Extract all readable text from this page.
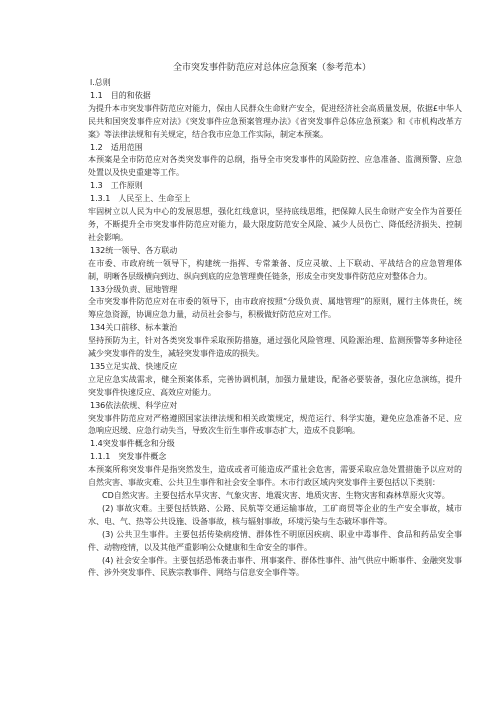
全市突发事件防范应对总体应急预案（参考范本）

l.总则

1.1　目的和依据

为提升本市突发事件防范应对能力，保由人民群众生命财产安全，促进经济社会高质量发展，依据£中华人民共和国突发事件应对法》《突发事件应急预案管理办法》《省突发事件总体应急预案》和《市机构改革方案》等法律法规和有关规定，结合我市应急工作实际，制定本预案。

1.2　适用范围

本预案是全市防范应对各类突发事件的总纲，指导全市突发事件的风险防控、应急准备、监测预警、应急处置以及快史重建等工作。

1.3　工作原则

1.3.1　人民至上、生命至上

牢固树立以人民为中心的发展思想，强化红线意识，坚持底线思维，把保障人民生命财产安全作为首要任务，不断提升全市突发事件防范应对能力，最大限度防范安全风险、减少人员伤亡、降低经济损失、控制社会影响。

132统一领导、各方联动

在市委、市政府统一领导下，构建统一指挥、专常兼备、反应灵敏、上下联动、平战结合的应急管理体制，明晰各层级横向到边、纵向到底的应急管理费任链条，形成全市突发事件防范应对整体合力。

133分级负责、屈地管理

全市突发事件防范应对在市委的领导下，由市政府按照“分级负责、属地管理”的原则，履行主体贵任，统筹应急资源，协调应急力量，动员社会参与，积极做好防范应对工作。

134关口前移、标本兼治

坚持预防为主，针对各类突发事件采取预防措施，通过强化风险管理、风险源治理、监测预警等多种途径减少突发事件的发生，减轻突发事件造成的损失。

135立足实战、快速反应

立足应急实战需求，健全预案体系，完善协调机制，加强力量建设，配备必要装备，强化应急演练，提升突发事件快速反应、高效应对能力。

136依法依规、科学应对

突发事件防范应对严格遵照国家法律法规和相关政策规定，规范运行、科学实施，避免应急准备不足、应急响应迟缓、应急行动失当，导致次生衍生事件或事态扩大，造成不良影响。

1.4突发事件概念和分级

1.1.1　突发事件概念

本预案所称突发事件是指突然发生，造成或者可能造成严重社会危害，需要采取应急处置措施予以应对的自然灾害、事故灾难、公共卫生事件和社会安全事件。木市行政区域内突发事件主要包括以下类别：

CD自然灾害。主要包括水旱灾害、气象灾害、地震灾害、地质灾害、生物灾害和森林草原火灾等。

(2) 事故灾难。主要包括铁路、公路、民航等交通运输事故，工矿商贸等企业的生产安全事故，城市水、电、气、热等公共设施、设备事故，核与辐射事故，环境污染与生态破坏事件等。

(3) 公共卫生事件。主要包括传染病疫情、群体性不明原因疾病、职业中毒事件、食品和药品安全事件、动物疫情，以及其他严重影响公众健康和生命安全的事件。

(4) 社会安全事件。主要包括恐怖袭击事件、刑事案件、群体性事件、油气供应中断事件、金融突发事件、涉外突发事件、民族宗教事件、网络与信息安全事件等。
